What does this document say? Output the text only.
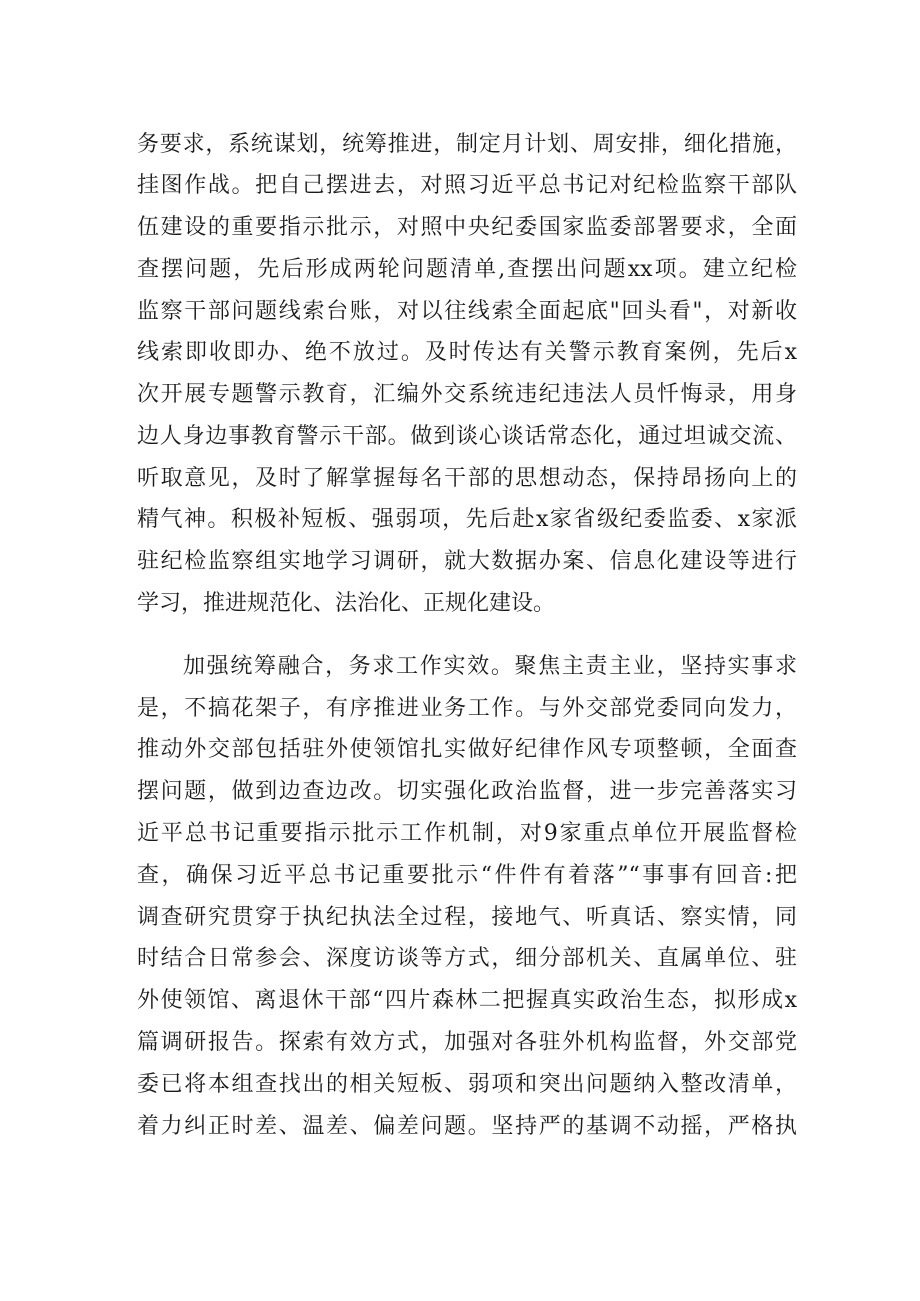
务要求，系统谋划，统筹推进，制定月计划、周安排，细化措施，
挂图作战。把自己摆进去，对照习近平总书记对纪检监察干部队
伍建设的重要指示批示，对照中央纪委国家监委部署要求，全面
查摆问题，先后形成两轮问题清单,查摆出问题xx项。建立纪检
监察干部问题线索台账，对以往线索全面起底"回头看"，对新收
线索即收即办、绝不放过。及时传达有关警示教育案例，先后x
次开展专题警示教育，汇编外交系统违纪违法人员忏悔录，用身
边人身边事教育警示干部。做到谈心谈话常态化，通过坦诚交流、
听取意见，及时了解掌握每名干部的思想动态，保持昂扬向上的
精气神。积极补短板、强弱项，先后赴x家省级纪委监委、x家派
驻纪检监察组实地学习调研，就大数据办案、信息化建设等进行
学习，推进规范化、法治化、正规化建设。
加强统筹融合，务求工作实效。聚焦主责主业，坚持实事求
是，不搞花架子，有序推进业务工作。与外交部党委同向发力，
推动外交部包括驻外使领馆扎实做好纪律作风专项整顿，全面查
摆问题，做到边查边改。切实强化政治监督，进一步完善落实习
近平总书记重要指示批示工作机制，对9家重点单位开展监督检
查，确保习近平总书记重要批示“件件有着落”“事事有回音:把
调查研究贯穿于执纪执法全过程，接地气、听真话、察实情，同
时结合日常参会、深度访谈等方式，细分部机关、直属单位、驻
外使领馆、离退休干部“四片森林二把握真实政治生态，拟形成x
篇调研报告。探索有效方式，加强对各驻外机构监督，外交部党
委已将本组查找出的相关短板、弱项和突出问题纳入整改清单，
着力纠正时差、温差、偏差问题。坚持严的基调不动摇，严格执
